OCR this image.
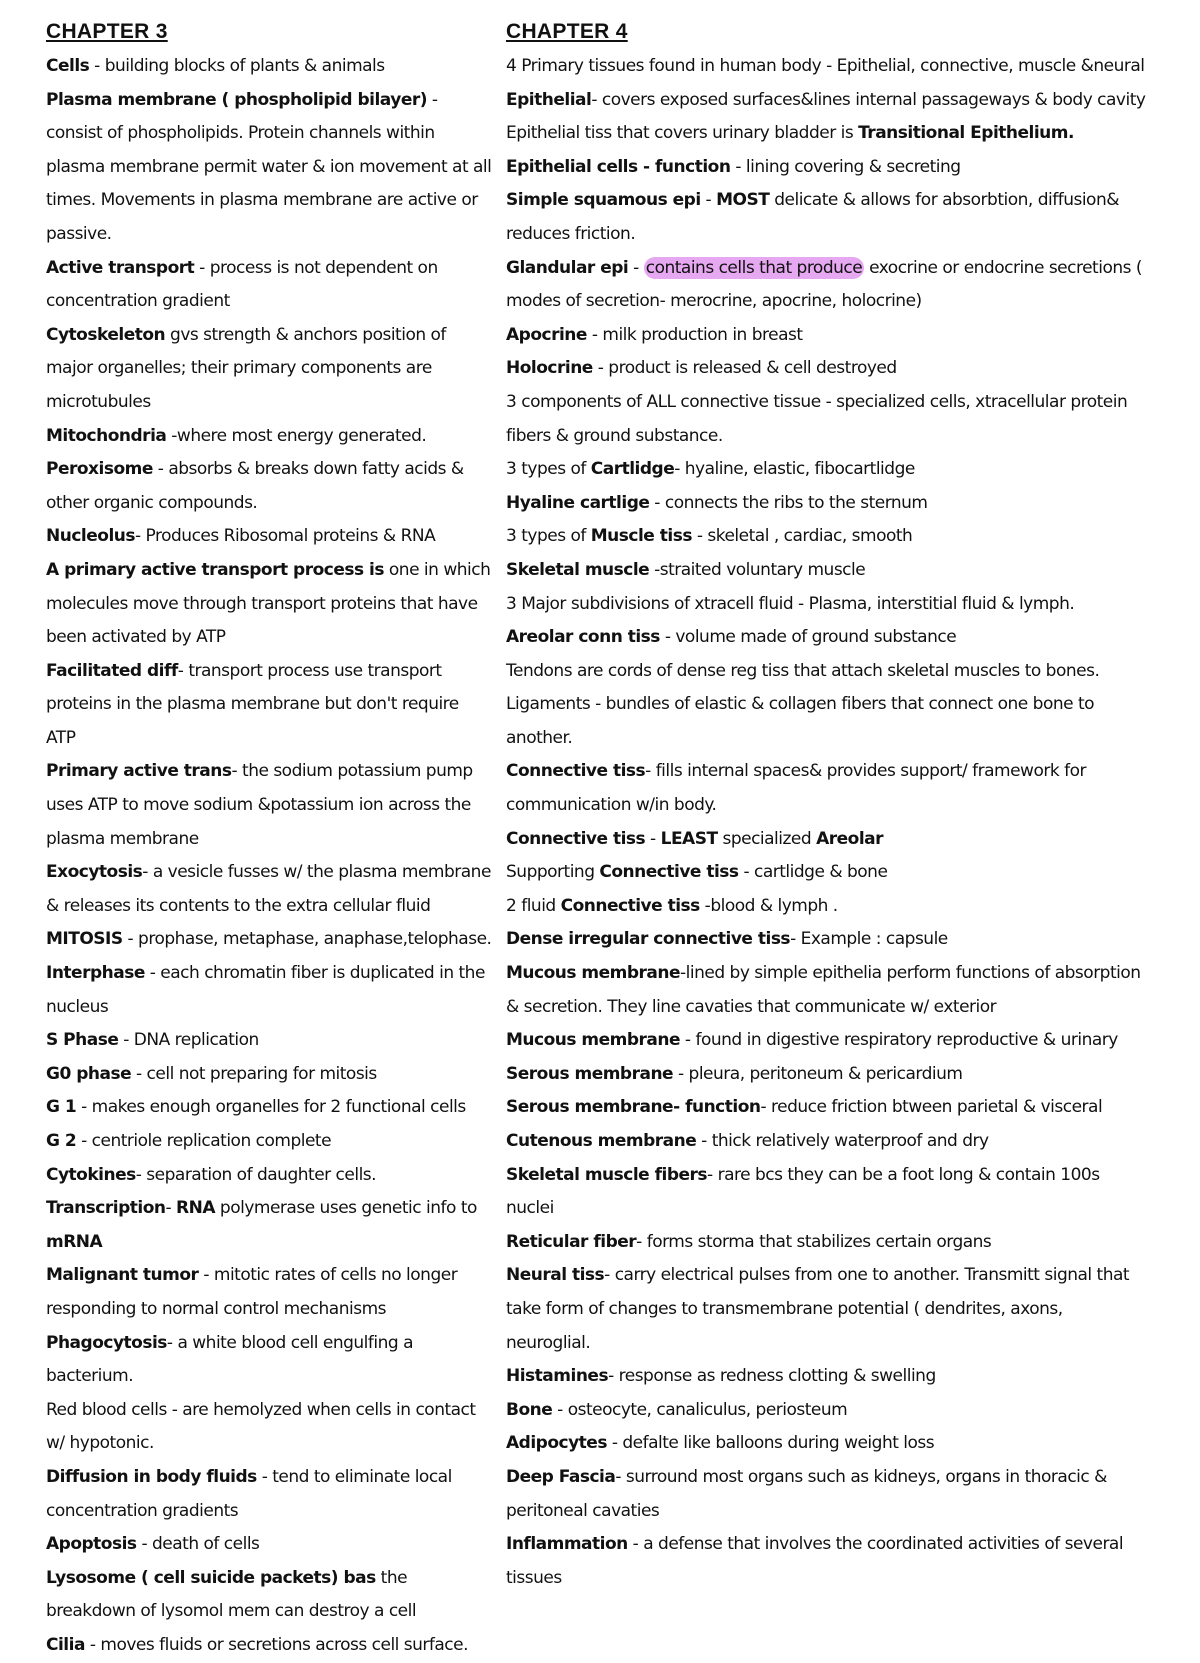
CHAPTER 3
Cells - building blocks of plants & animals
Plasma membrane ( phospholipid bilayer) - consist of phospholipids. Protein channels within plasma membrane permit water & ion movement at all times. Movements in plasma membrane are active or passive.
Active transport - process is not dependent on concentration gradient
Cytoskeleton gvs strength & anchors position of major organelles; their primary components are microtubules
Mitochondria -where most energy generated.
Peroxisome - absorbs & breaks down fatty acids & other organic compounds.
Nucleolus- Produces Ribosomal proteins & RNA
A primary active transport process is one in which molecules move through transport proteins that have been activated by ATP
Facilitated diff- transport process use transport proteins in the plasma membrane but don't require ATP
Primary active trans- the sodium potassium pump uses ATP to move sodium &potassium ion across the plasma membrane
Exocytosis- a vesicle fusses w/ the plasma membrane & releases its contents to the extra cellular fluid
MITOSIS - prophase, metaphase, anaphase,telophase.
Interphase - each chromatin fiber is duplicated in the nucleus
S Phase - DNA replication
G0 phase - cell not preparing for mitosis
G 1 - makes enough organelles for 2 functional cells
G 2 - centriole replication complete
Cytokines- separation of daughter cells.
Transcription- RNA polymerase uses genetic info to mRNA
Malignant tumor - mitotic rates of cells no longer responding to normal control mechanisms
Phagocytosis- a white blood cell engulfing a bacterium.
Red blood cells - are hemolyzed when cells in contact w/ hypotonic.
Diffusion in body fluids - tend to eliminate local concentration gradients
Apoptosis - death of cells
Lysosome ( cell suicide packets) bas the breakdown of lysomol mem can destroy a cell
Cilia - moves fluids or secretions across cell surface.
CHAPTER 4
4 Primary tissues found in human body - Epithelial, connective, muscle &neural
Epithelial- covers exposed surfaces&lines internal passageways & body cavity
Epithelial tiss that covers urinary bladder is Transitional Epithelium.
Epithelial cells - function - lining covering & secreting
Simple squamous epi - MOST delicate & allows for absorbtion, diffusion& reduces friction.
Glandular epi - contains cells that produce exocrine or endocrine secretions ( modes of secretion- merocrine, apocrine, holocrine)
Apocrine - milk production in breast
Holocrine - product is released & cell destroyed
3 components of ALL connective tissue - specialized cells, xtracellular protein fibers & ground substance.
3 types of Cartlidge- hyaline, elastic, fibocartlidge
Hyaline cartlige - connects the ribs to the sternum
3 types of Muscle tiss - skeletal , cardiac, smooth
Skeletal muscle -straited voluntary muscle
3 Major subdivisions of xtracell fluid - Plasma, interstitial fluid & lymph.
Areolar conn tiss - volume made of ground substance
Tendons are cords of dense reg tiss that attach skeletal muscles to bones.
Ligaments - bundles of elastic & collagen fibers that connect one bone to another.
Connective tiss- fills internal spaces& provides support/ framework for communication w/in body.
Connective tiss - LEAST specialized Areolar
Supporting Connective tiss - cartlidge & bone
2 fluid Connective tiss -blood & lymph .
Dense irregular connective tiss- Example : capsule
Mucous membrane-lined by simple epithelia perform functions of absorption & secretion. They line cavaties that communicate w/ exterior
Mucous membrane - found in digestive respiratory reproductive & urinary
Serous membrane - pleura, peritoneum & pericardium
Serous membrane- function- reduce friction btween parietal & visceral
Cutenous membrane - thick relatively waterproof and dry
Skeletal muscle fibers- rare bcs they can be a foot long & contain 100s nuclei
Reticular fiber- forms storma that stabilizes certain organs
Neural tiss- carry electrical pulses from one to another. Transmitt signal that take form of changes to transmembrane potential ( dendrites, axons, neuroglial.
Histamines- response as redness clotting & swelling
Bone - osteocyte, canaliculus, periosteum
Adipocytes - defalte like balloons during weight loss
Deep Fascia- surround most organs such as kidneys, organs in thoracic & peritoneal cavaties
Inflammation - a defense that involves the coordinated activities of several tissues
